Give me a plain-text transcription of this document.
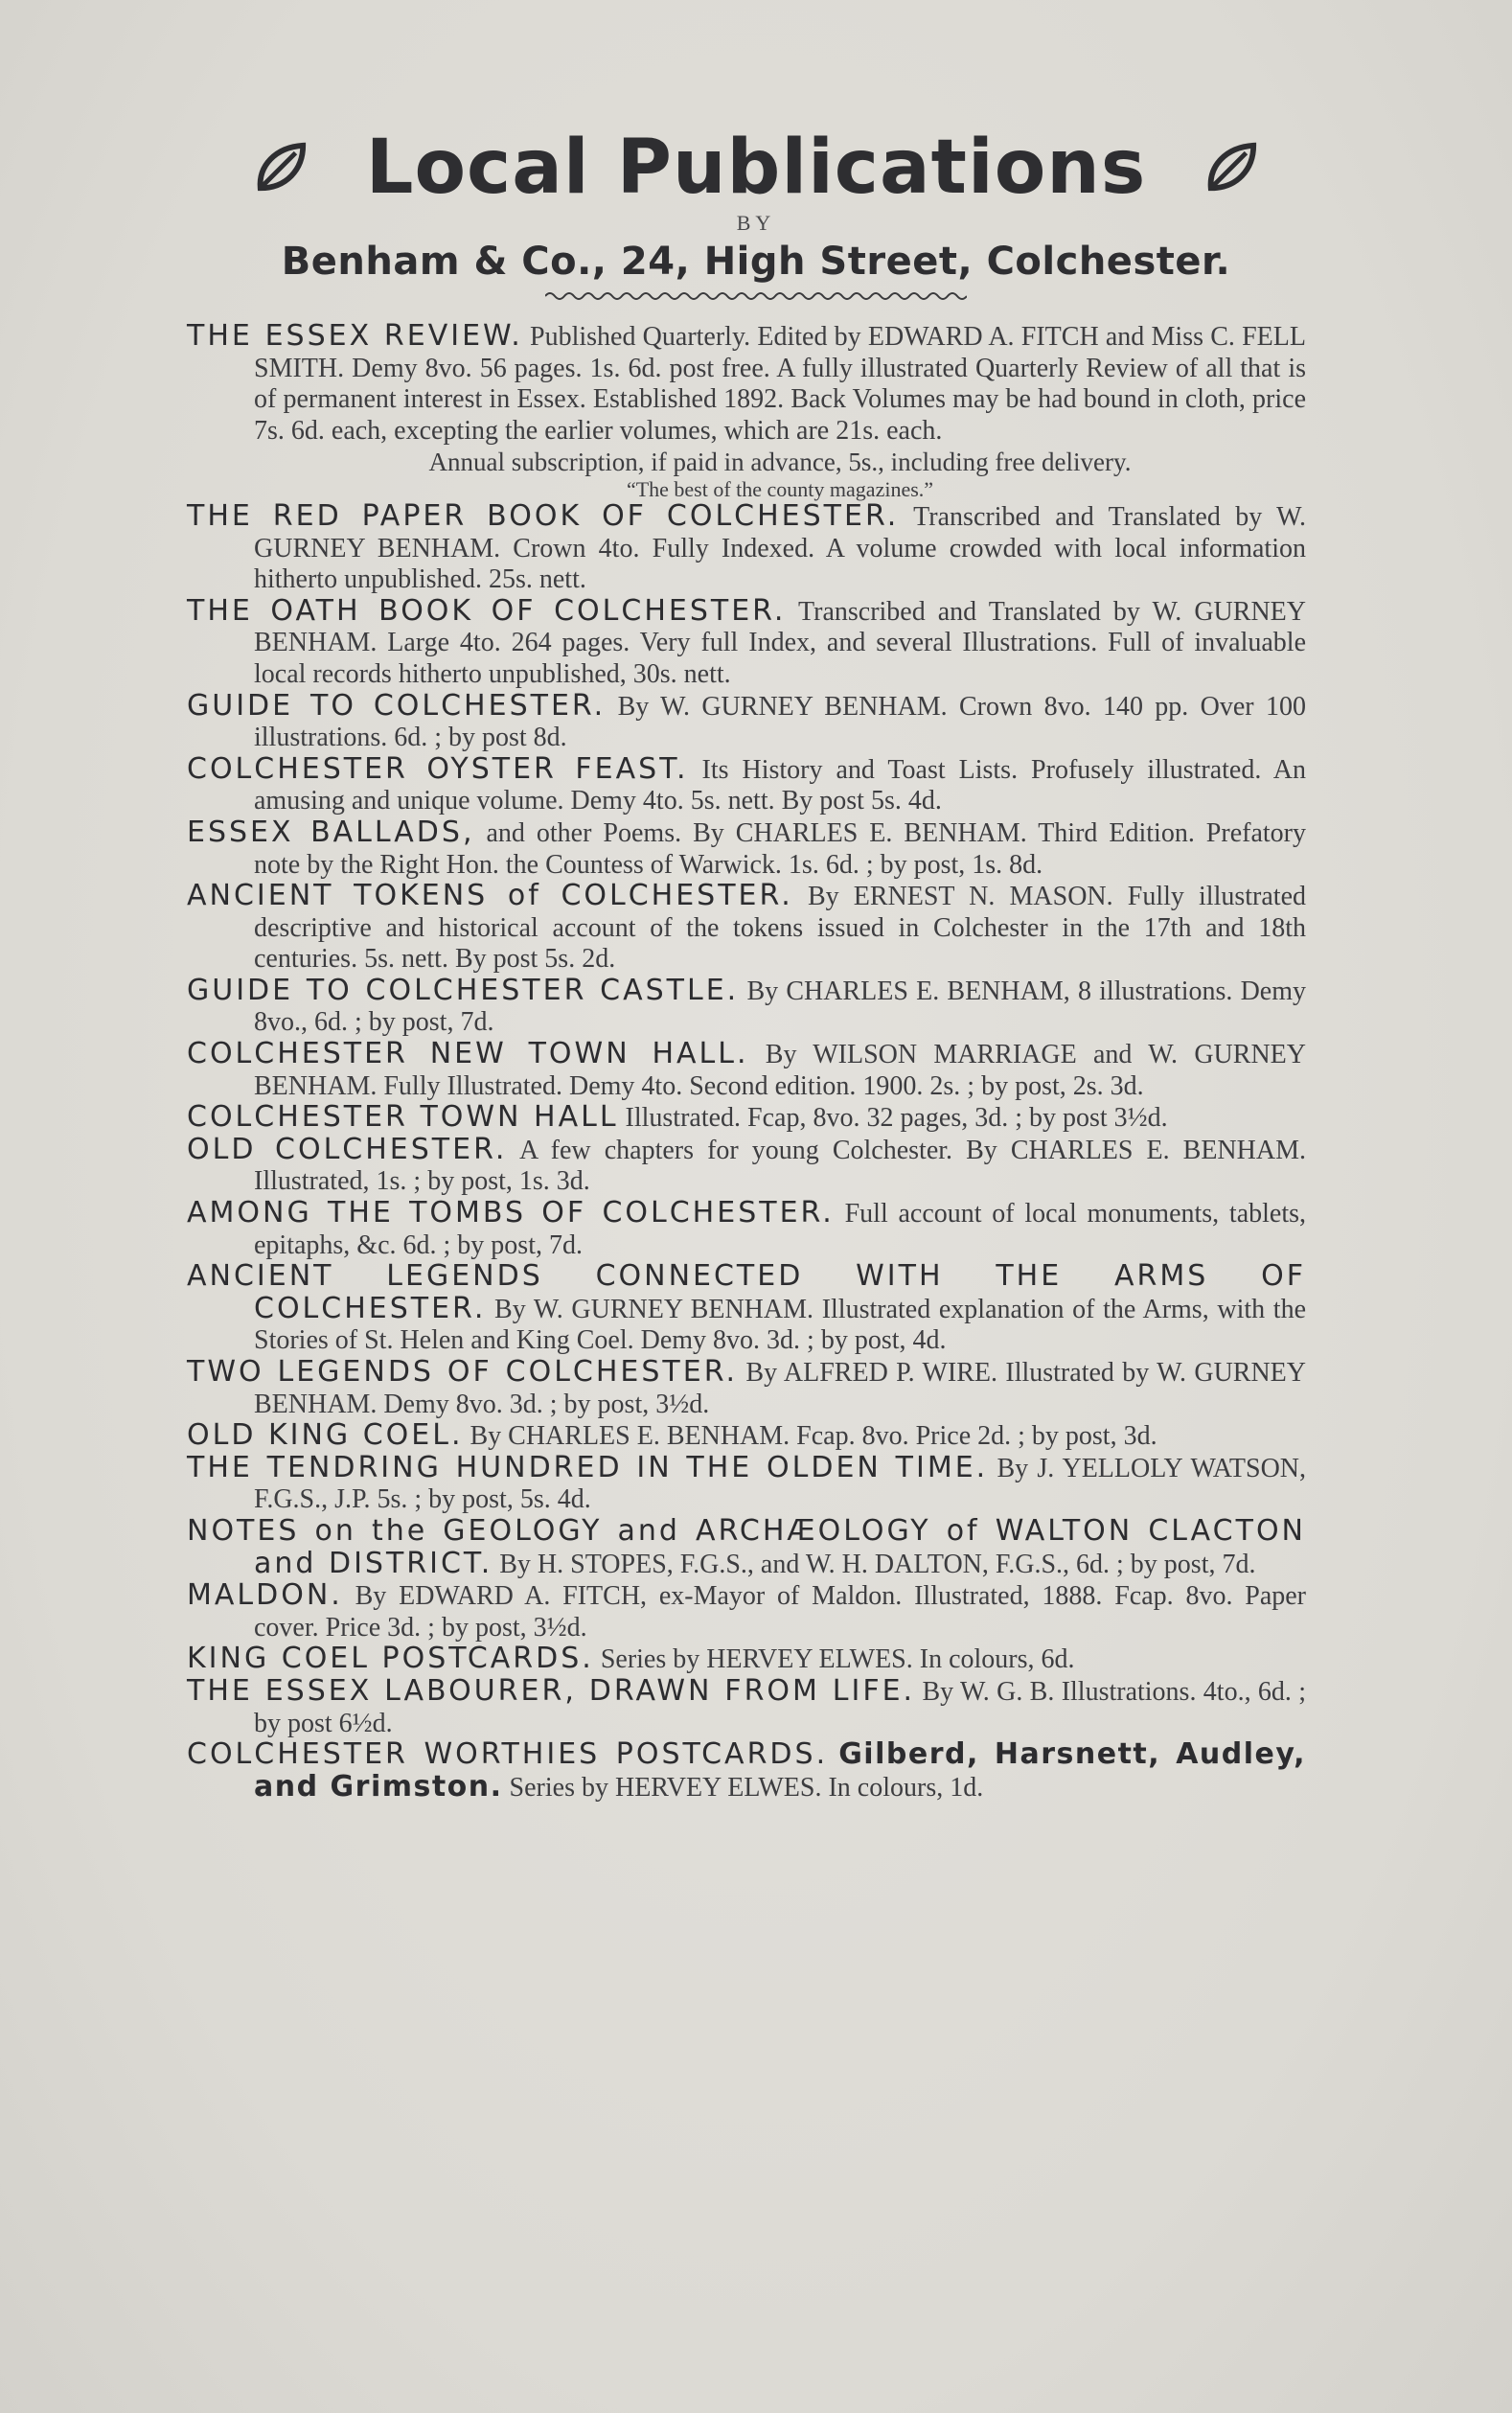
Local Publications
BY
Benham & Co., 24, High Street, Colchester.
THE ESSEX REVIEW. Published Quarterly. Edited by EDWARD A. FITCH and Miss C. FELL SMITH. Demy 8vo. 56 pages. 1s. 6d. post free. A fully illustrated Quarterly Review of all that is of permanent interest in Essex. Established 1892. Back Volumes may be had bound in cloth, price 7s. 6d. each, excepting the earlier volumes, which are 21s. each.
Annual subscription, if paid in advance, 5s., including free delivery.
“The best of the county magazines.”
THE RED PAPER BOOK OF COLCHESTER. Transcribed and Translated by W. GURNEY BENHAM. Crown 4to. Fully Indexed. A volume crowded with local information hitherto unpublished. 25s. nett.
THE OATH BOOK OF COLCHESTER. Transcribed and Translated by W. GURNEY BENHAM. Large 4to. 264 pages. Very full Index, and several Illustrations. Full of invaluable local records hitherto unpublished, 30s. nett.
GUIDE TO COLCHESTER. By W. GURNEY BENHAM. Crown 8vo. 140 pp. Over 100 illustrations. 6d. ; by post 8d.
COLCHESTER OYSTER FEAST. Its History and Toast Lists. Profusely illustrated. An amusing and unique volume. Demy 4to. 5s. nett. By post 5s. 4d.
ESSEX BALLADS, and other Poems. By CHARLES E. BENHAM. Third Edition. Prefatory note by the Right Hon. the Countess of Warwick. 1s. 6d. ; by post, 1s. 8d.
ANCIENT TOKENS of COLCHESTER. By ERNEST N. MASON. Fully illustrated descriptive and historical account of the tokens issued in Colchester in the 17th and 18th centuries. 5s. nett. By post 5s. 2d.
GUIDE TO COLCHESTER CASTLE. By CHARLES E. BENHAM, 8 illustrations. Demy 8vo., 6d. ; by post, 7d.
COLCHESTER NEW TOWN HALL. By WILSON MARRIAGE and W. GURNEY BENHAM. Fully Illustrated. Demy 4to. Second edition. 1900. 2s. ; by post, 2s. 3d.
COLCHESTER TOWN HALL Illustrated. Fcap, 8vo. 32 pages, 3d. ; by post 3½d.
OLD COLCHESTER. A few chapters for young Colchester. By CHARLES E. BENHAM. Illustrated, 1s. ; by post, 1s. 3d.
AMONG THE TOMBS OF COLCHESTER. Full account of local monuments, tablets, epitaphs, &c. 6d. ; by post, 7d.
ANCIENT LEGENDS CONNECTED WITH THE ARMS OF COLCHESTER. By W. GURNEY BENHAM. Illustrated explanation of the Arms, with the Stories of St. Helen and King Coel. Demy 8vo. 3d. ; by post, 4d.
TWO LEGENDS OF COLCHESTER. By ALFRED P. WIRE. Illustrated by W. GURNEY BENHAM. Demy 8vo. 3d. ; by post, 3½d.
OLD KING COEL. By CHARLES E. BENHAM. Fcap. 8vo. Price 2d. ; by post, 3d.
THE TENDRING HUNDRED IN THE OLDEN TIME. By J. YELLOLY WATSON, F.G.S., J.P. 5s. ; by post, 5s. 4d.
NOTES on the GEOLOGY and ARCHÆOLOGY of WALTON CLACTON and DISTRICT. By H. STOPES, F.G.S., and W. H. DALTON, F.G.S., 6d. ; by post, 7d.
MALDON. By EDWARD A. FITCH, ex-Mayor of Maldon. Illustrated, 1888. Fcap. 8vo. Paper cover. Price 3d. ; by post, 3½d.
KING COEL POSTCARDS. Series by HERVEY ELWES. In colours, 6d.
THE ESSEX LABOURER, DRAWN FROM LIFE. By W. G. B. Illustrations. 4to., 6d. ; by post 6½d.
COLCHESTER WORTHIES POSTCARDS. Gilberd, Harsnett, Audley, and Grimston. Series by HERVEY ELWES. In colours, 1d.
